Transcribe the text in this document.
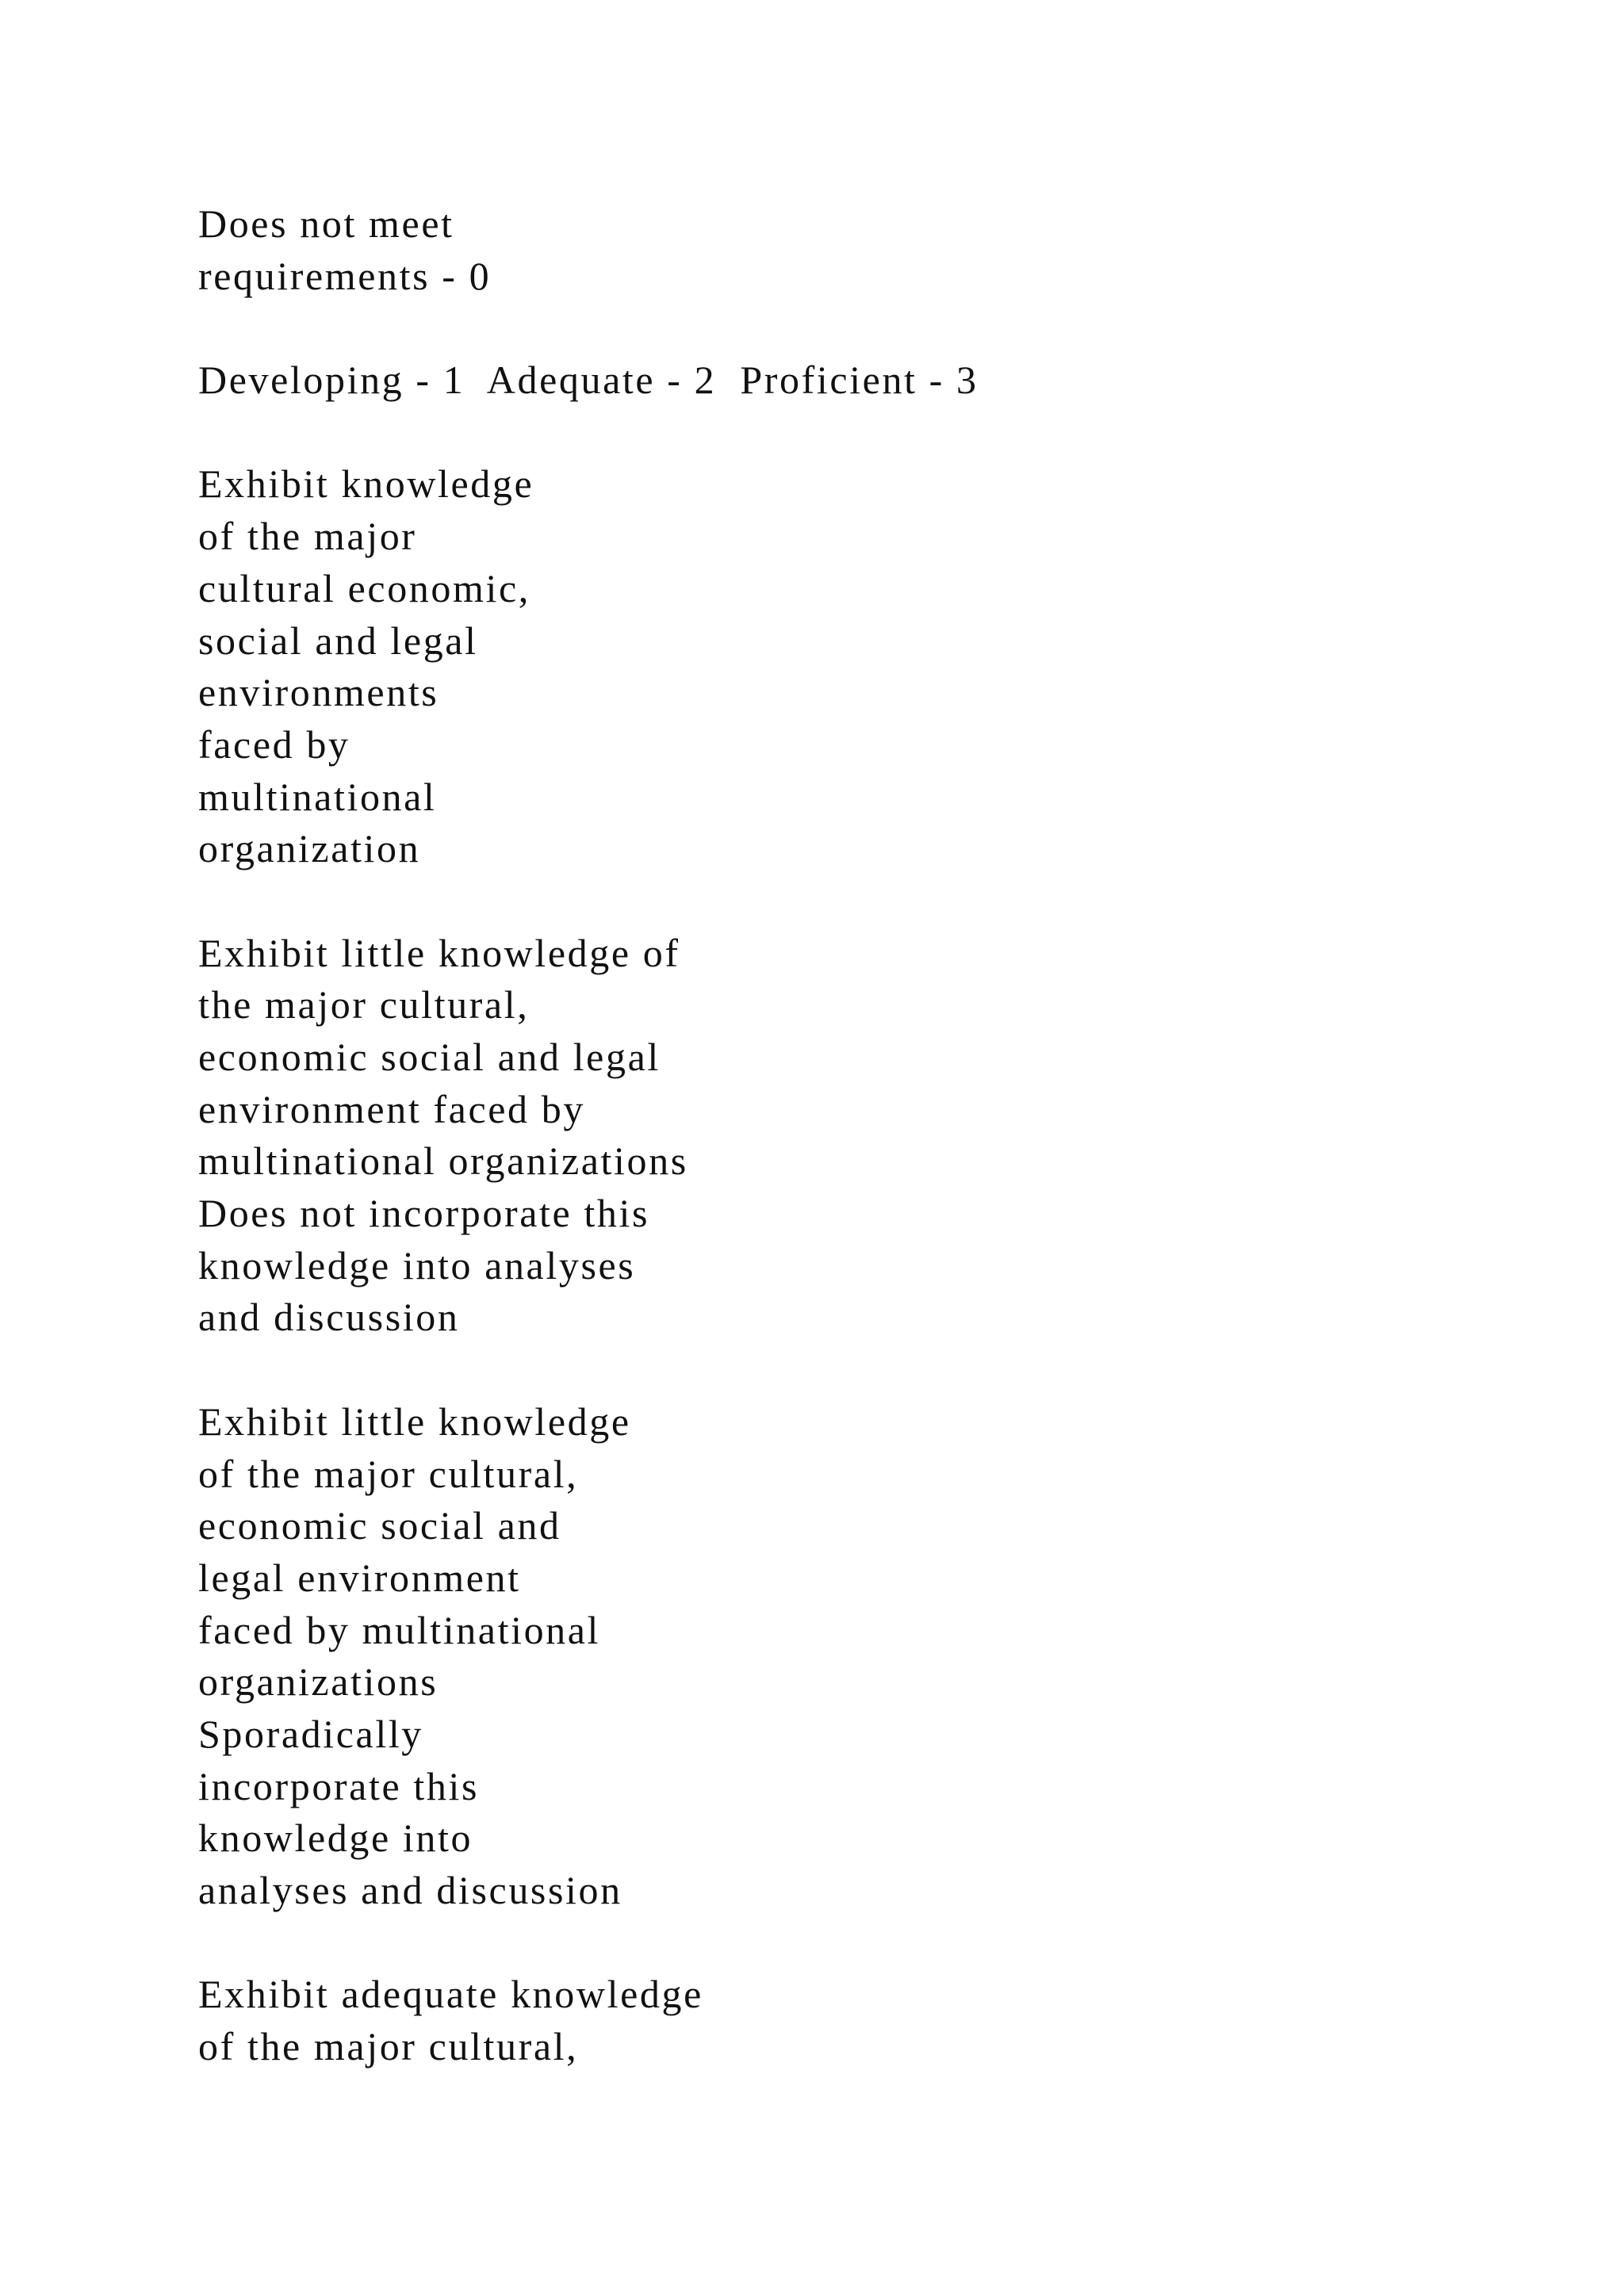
Does not meet
requirements - 0
Developing - 1  Adequate - 2  Proficient - 3
Exhibit knowledge
of the major
cultural economic,
social and legal
environments
faced by
multinational
organization
Exhibit little knowledge of
the major cultural,
economic social and legal
environment faced by
multinational organizations
Does not incorporate this
knowledge into analyses
and discussion
Exhibit little knowledge
of the major cultural,
economic social and
legal environment
faced by multinational
organizations
Sporadically
incorporate this
knowledge into
analyses and discussion
Exhibit adequate knowledge
of the major cultural,
